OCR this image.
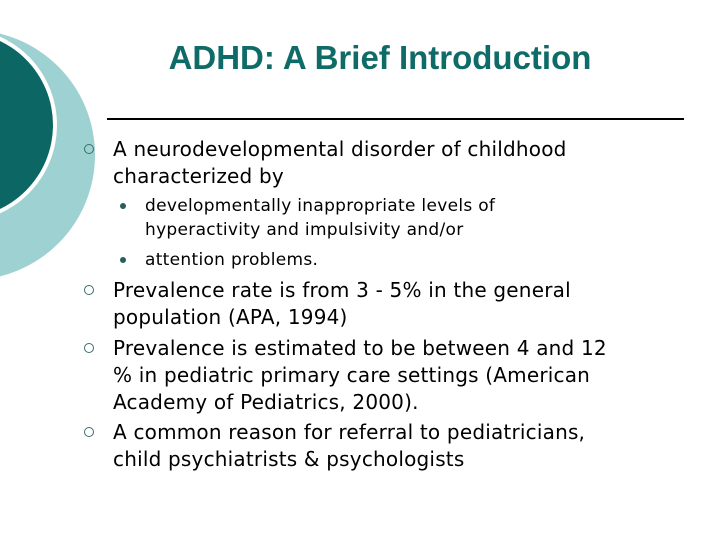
ADHD: A Brief Introduction
A neurodevelopmental disorder of childhood
characterized by
developmentally inappropriate levels of
hyperactivity and impulsivity and/or
attention problems.
Prevalence rate is from 3 - 5% in the general
population (APA, 1994)
Prevalence is estimated to be between 4 and 12
% in pediatric primary care settings (American
Academy of Pediatrics, 2000).
A common reason for referral to pediatricians,
child psychiatrists & psychologists
